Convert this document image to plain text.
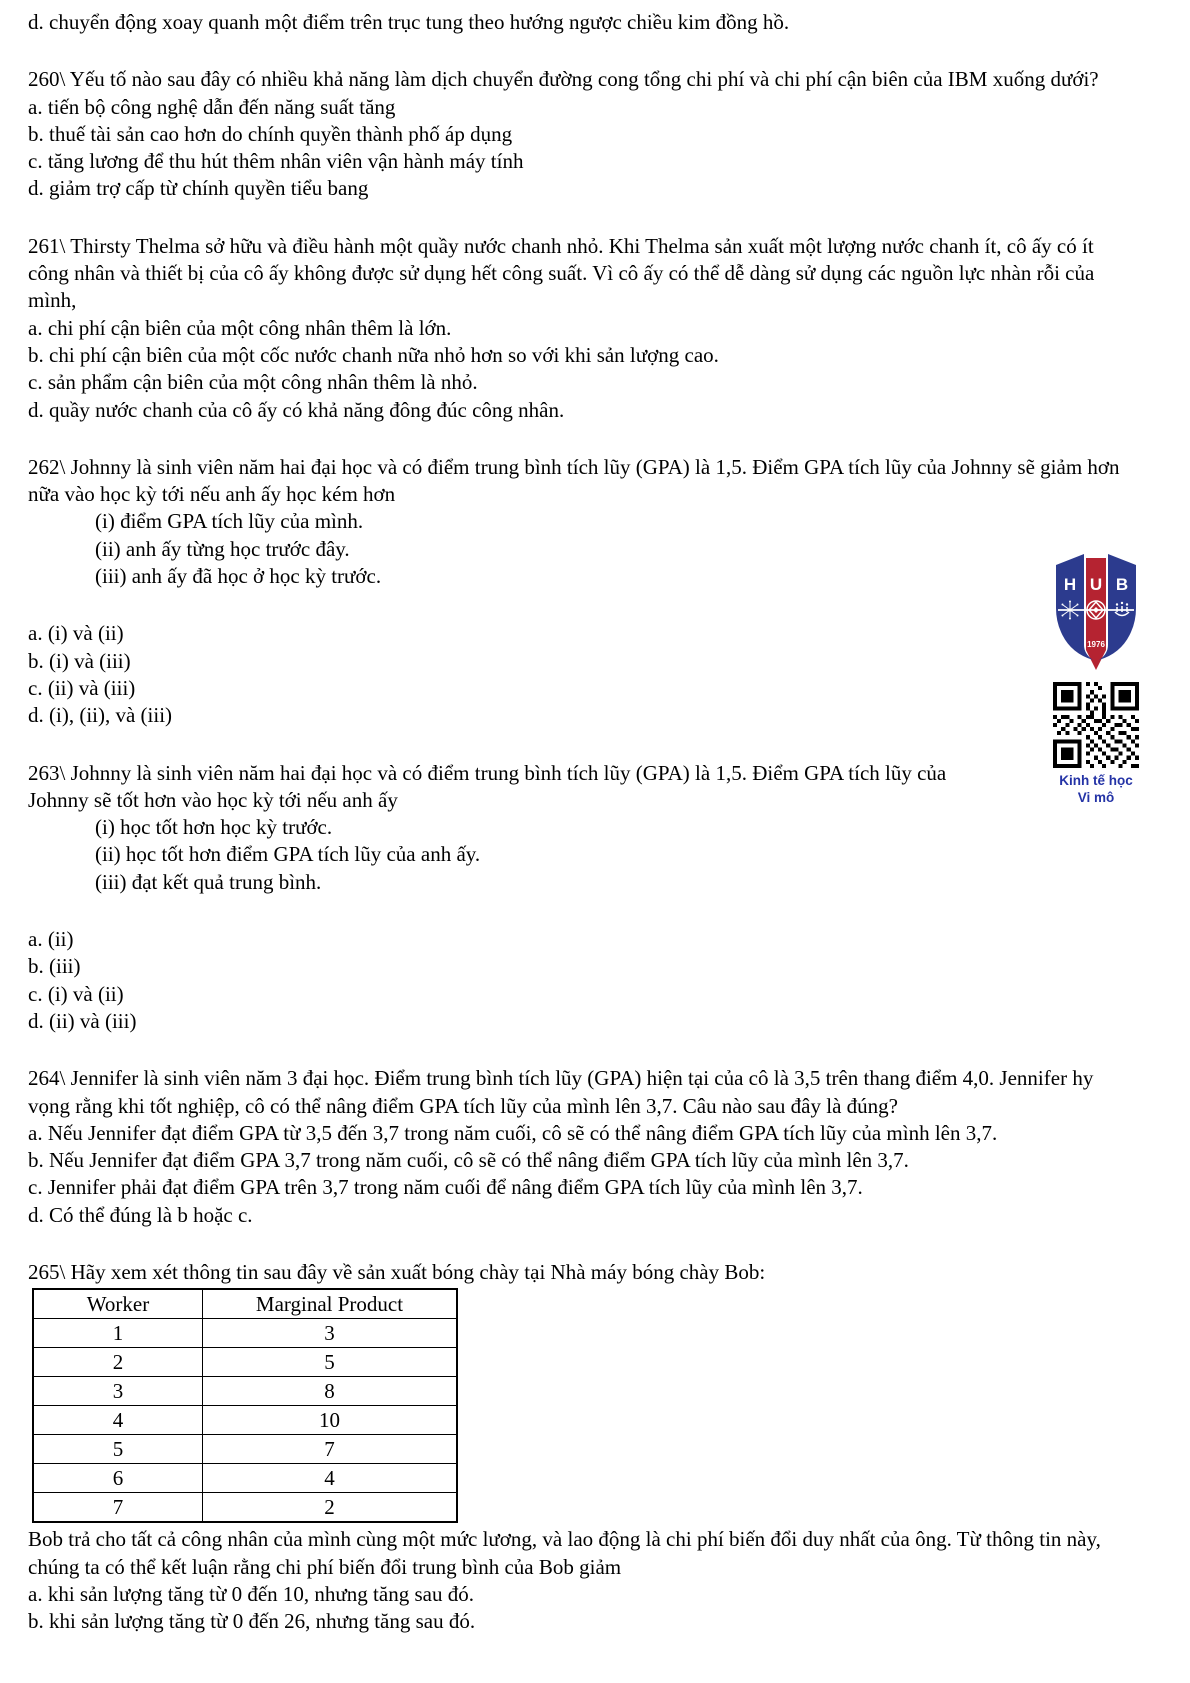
d. chuyển động xoay quanh một điểm trên trục tung theo hướng ngược chiều kim đồng hồ.

260\ Yếu tố nào sau đây có nhiều khả năng làm dịch chuyển đường cong tổng chi phí và chi phí cận biên của IBM xuống dưới?

a. tiến bộ công nghệ dẫn đến năng suất tăng

b. thuế tài sản cao hơn do chính quyền thành phố áp dụng

c. tăng lương để thu hút thêm nhân viên vận hành máy tính

d. giảm trợ cấp từ chính quyền tiểu bang

261\ Thirsty Thelma sở hữu và điều hành một quầy nước chanh nhỏ. Khi Thelma sản xuất một lượng nước chanh ít, cô ấy có ít công nhân và thiết bị của cô ấy không được sử dụng hết công suất. Vì cô ấy có thể dễ dàng sử dụng các nguồn lực nhàn rỗi của mình,

a. chi phí cận biên của một công nhân thêm là lớn.

b. chi phí cận biên của một cốc nước chanh nữa nhỏ hơn so với khi sản lượng cao.

c. sản phẩm cận biên của một công nhân thêm là nhỏ.

d. quầy nước chanh của cô ấy có khả năng đông đúc công nhân.

262\ Johnny là sinh viên năm hai đại học và có điểm trung bình tích lũy (GPA) là 1,5. Điểm GPA tích lũy của Johnny sẽ giảm hơn nữa vào học kỳ tới nếu anh ấy học kém hơn

(i) điểm GPA tích lũy của mình.

(ii) anh ấy từng học trước đây.

(iii) anh ấy đã học ở học kỳ trước.

a. (i) và (ii)

b. (i) và (iii)

c. (ii) và (iii)

d. (i), (ii), và (iii)

263\ Johnny là sinh viên năm hai đại học và có điểm trung bình tích lũy (GPA) là 1,5. Điểm GPA tích lũy của Johnny sẽ tốt hơn vào học kỳ tới nếu anh ấy

(i) học tốt hơn học kỳ trước.

(ii) học tốt hơn điểm GPA tích lũy của anh ấy.

(iii) đạt kết quả trung bình.

a. (ii)

b. (iii)

c. (i) và (ii)

d. (ii) và (iii)

264\ Jennifer là sinh viên năm 3 đại học. Điểm trung bình tích lũy (GPA) hiện tại của cô là 3,5 trên thang điểm 4,0. Jennifer hy vọng rằng khi tốt nghiệp, cô có thể nâng điểm GPA tích lũy của mình lên 3,7. Câu nào sau đây là đúng?

a. Nếu Jennifer đạt điểm GPA từ 3,5 đến 3,7 trong năm cuối, cô sẽ có thể nâng điểm GPA tích lũy của mình lên 3,7.

b. Nếu Jennifer đạt điểm GPA 3,7 trong năm cuối, cô sẽ có thể nâng điểm GPA tích lũy của mình lên 3,7.

c. Jennifer phải đạt điểm GPA trên 3,7 trong năm cuối để nâng điểm GPA tích lũy của mình lên 3,7.

d. Có thể đúng là b hoặc c.

265\ Hãy xem xét thông tin sau đây về sản xuất bóng chày tại Nhà máy bóng chày Bob:

Worker	Marginal Product
1	3
2	5
3	8
4	10
5	7
6	4
7	2

Bob trả cho tất cả công nhân của mình cùng một mức lương, và lao động là chi phí biến đổi duy nhất của ông. Từ thông tin này, chúng ta có thể kết luận rằng chi phí biến đổi trung bình của Bob giảm

a. khi sản lượng tăng từ 0 đến 10, nhưng tăng sau đó.

b. khi sản lượng tăng từ 0 đến 26, nhưng tăng sau đó.

H U B
1976
Kinh tế học
Vi mô
